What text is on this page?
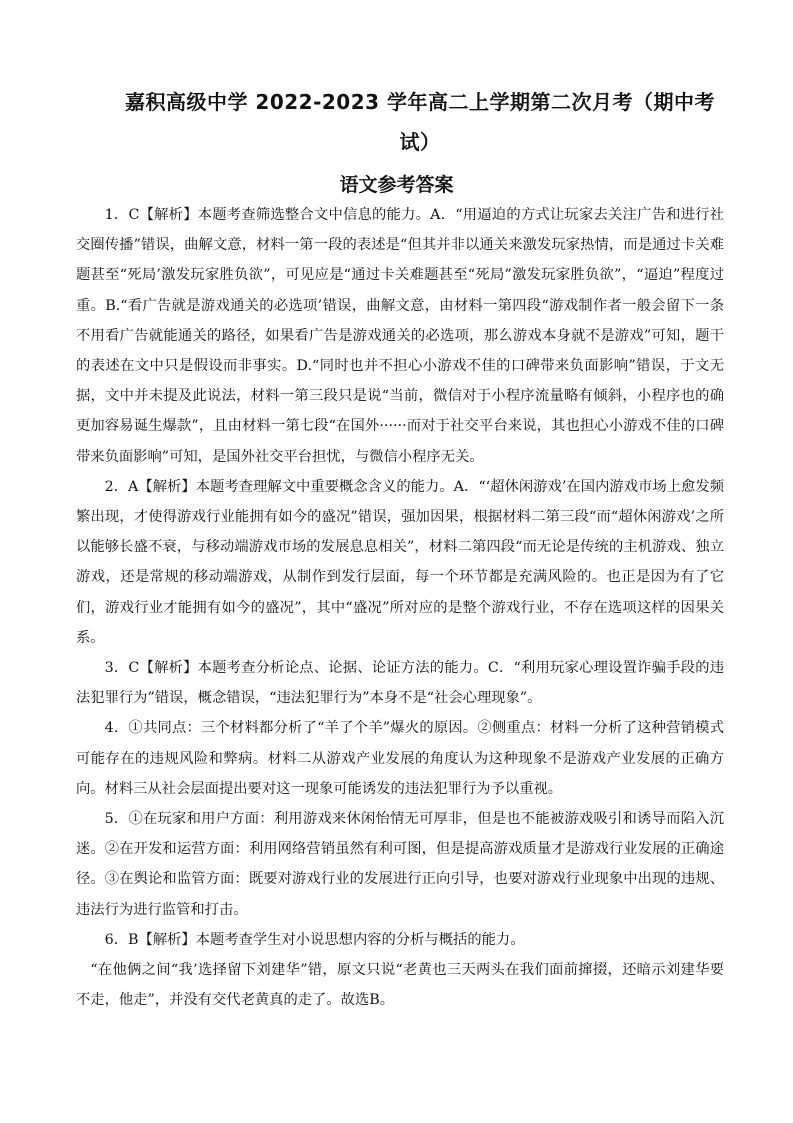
嘉积高级中学 2022-2023 学年高二上学期第二次月考（期中考
试）
语文参考答案

1．C【解析】本题考查筛选整合文中信息的能力。A．“用逼迫的方式让玩家去关注广告和进行社交圈传播”错误，曲解文意，材料一第一段的表述是“但其并非以通关来激发玩家热情，而是通过卡关难题甚至“死局’激发玩家胜负欲”，可见应是“通过卡关难题甚至“死局”激发玩家胜负欲”，“逼迫”程度过重。B.“看广告就是游戏通关的必选项’错误，曲解文意，由材料一第四段“游戏制作者一般会留下一条不用看广告就能通关的路径，如果看广告是游戏通关的必选项，那么游戏本身就不是游戏”可知，题干的表述在文中只是假设而非事实。D.“同时也并不担心小游戏不佳的口碑带来负面影响”错误，于文无据，文中并未提及此说法，材料一第三段只是说“当前，微信对于小程序流量略有倾斜，小程序也的确更加容易诞生爆款”，且由材料一第七段“在国外······而对于社交平台来说，其也担心小游戏不佳的口碑带来负面影响”可知，是国外社交平台担忧，与微信小程序无关。

2．A【解析】本题考查理解文中重要概念含义的能力。A．“‘超休闲游戏’在国内游戏市场上愈发频繁出现，才使得游戏行业能拥有如今的盛况”错误，强加因果，根据材料二第三段“而“超休闲游戏’之所以能够长盛不衰，与移动端游戏市场的发展息息相关”，材料二第四段“而无论是传统的主机游戏、独立游戏，还是常规的移动端游戏，从制作到发行层面，每一个环节都是充满风险的。也正是因为有了它们，游戏行业才能拥有如今的盛况”，其中“盛况”所对应的是整个游戏行业，不存在选项这样的因果关系。

3．C【解析】本题考查分析论点、论据、论证方法的能力。C．“利用玩家心理设置诈骗手段的违法犯罪行为”错误，概念错误，“违法犯罪行为”本身不是“社会心理现象”。

4．①共同点：三个材料都分析了“羊了个羊”爆火的原因。②侧重点：材料一分析了这种营销模式可能存在的违规风险和弊病。材料二从游戏产业发展的角度认为这种现象不是游戏产业发展的正确方向。材料三从社会层面提出要对这一现象可能诱发的违法犯罪行为予以重视。

5．①在玩家和用户方面：利用游戏来休闲怡情无可厚非，但是也不能被游戏吸引和诱导而陷入沉迷。②在开发和运营方面：利用网络营销虽然有利可图，但是提高游戏质量才是游戏行业发展的正确途径。③在舆论和监管方面：既要对游戏行业的发展进行正向引导，也要对游戏行业现象中出现的违规、违法行为进行监管和打击。

6．B【解析】本题考查学生对小说思想内容的分析与概括的能力。

“在他俩之间“我’选择留下刘建华”错，原文只说“老黄也三天两头在我们面前撺掇，还暗示刘建华要不走，他走”，并没有交代老黄真的走了。故选B。
